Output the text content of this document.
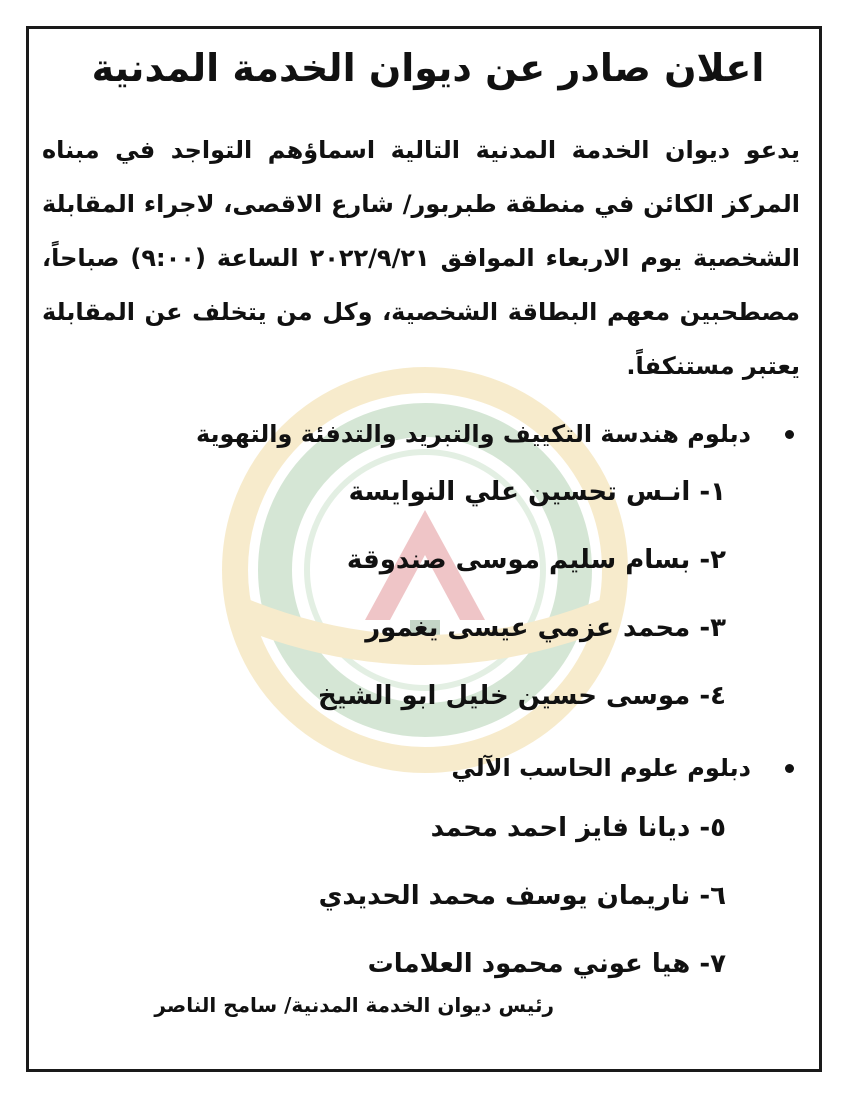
اعلان صادر عن ديوان الخدمة المدنية
يدعو ديوان الخدمة المدنية التالية اسماؤهم التواجد في مبناه المركز الكائن في منطقة طبربور/ شارع الاقصى، لاجراء المقابلة الشخصية يوم الاربعاء الموافق ٢٠٢٢/٩/٢١ الساعة (٩:٠٠) صباحاً، مصطحبين معهم البطاقة الشخصية، وكل من يتخلف عن المقابلة يعتبر مستنكفاً.
دبلوم هندسة التكييف والتبريد والتدفئة والتهوية
١- انـس تحسين علي النوايسة
٢- بسام سليم موسى صندوقة
٣- محمد عزمي عيسى يغمور
٤- موسى حسين خليل ابو الشيخ
دبلوم علوم الحاسب الآلي
٥- ديانا فايز احمد محمد
٦- ناريمان يوسف محمد الحديدي
٧- هيا عوني محمود العلامات
رئيس ديوان الخدمة المدنية/ سامح الناصر
